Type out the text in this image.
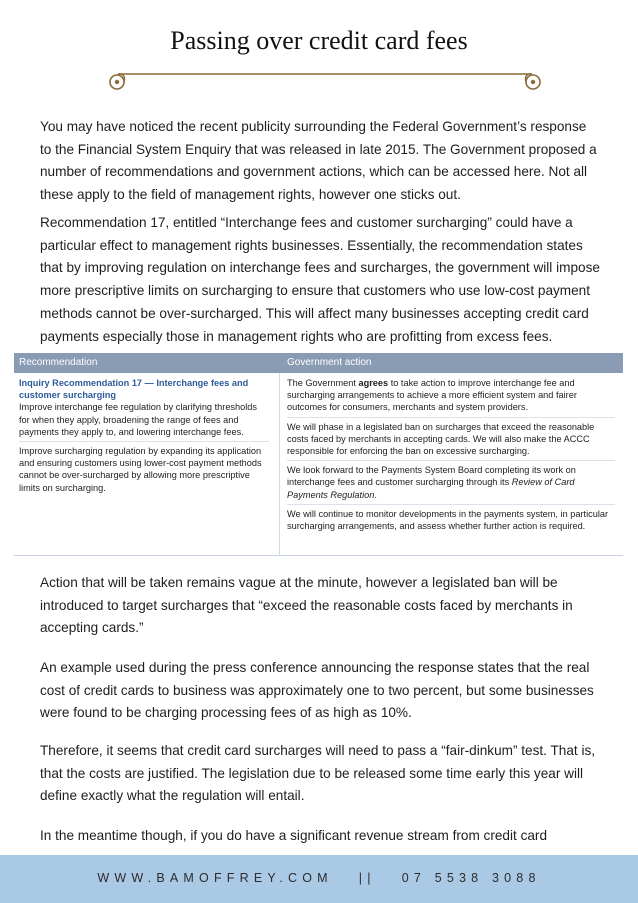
Passing over credit card fees

You may have noticed the recent publicity surrounding the Federal Government’s response to the Financial System Enquiry that was released in late 2015. The Government proposed a number of recommendations and government actions, which can be accessed here. Not all these apply to the field of management rights, however one sticks out.

Recommendation 17, entitled “Interchange fees and customer surcharging” could have a particular effect to management rights businesses. Essentially, the recommendation states that by improving regulation on interchange fees and surcharges, the government will impose more prescriptive limits on surcharging to ensure that customers who use low-cost payment methods cannot be over-surcharged. This will affect many businesses accepting credit card payments especially those in management rights who are profitting from excess fees.

Recommendation	Government action
Inquiry Recommendation 17 — Interchange fees and customer surcharging
Improve interchange fee regulation by clarifying thresholds for when they apply, broadening the range of fees and payments they apply to, and lowering interchange fees.
Improve surcharging regulation by expanding its application and ensuring customers using lower-cost payment methods cannot be over-surcharged by allowing more prescriptive limits on surcharging.
The Government agrees to take action to improve interchange fee and surcharging arrangements to achieve a more efficient system and fairer outcomes for consumers, merchants and system providers.
We will phase in a legislated ban on surcharges that exceed the reasonable costs faced by merchants in accepting cards. We will also make the ACCC responsible for enforcing the ban on excessive surcharging.
We look forward to the Payments System Board completing its work on interchange fees and customer surcharging through its Review of Card Payments Regulation.
We will continue to monitor developments in the payments system, in particular surcharging arrangements, and assess whether further action is required.

Action that will be taken remains vague at the minute, however a legislated ban will be introduced to target surcharges that “exceed the reasonable costs faced by merchants in accepting cards.”

An example used during the press conference announcing the response states that the real cost of credit cards to business was approximately one to two percent, but some businesses were found to be charging processing fees of as high as 10%.

Therefore, it seems that credit card surcharges will need to pass a “fair-dinkum” test. That is, that the costs are justified. The legislation due to be released some time early this year will define exactly what the regulation will entail.

In the meantime though, if you do have a significant revenue stream from credit card

WWW.BAMOFFREY.COM || 07 5538 3088
